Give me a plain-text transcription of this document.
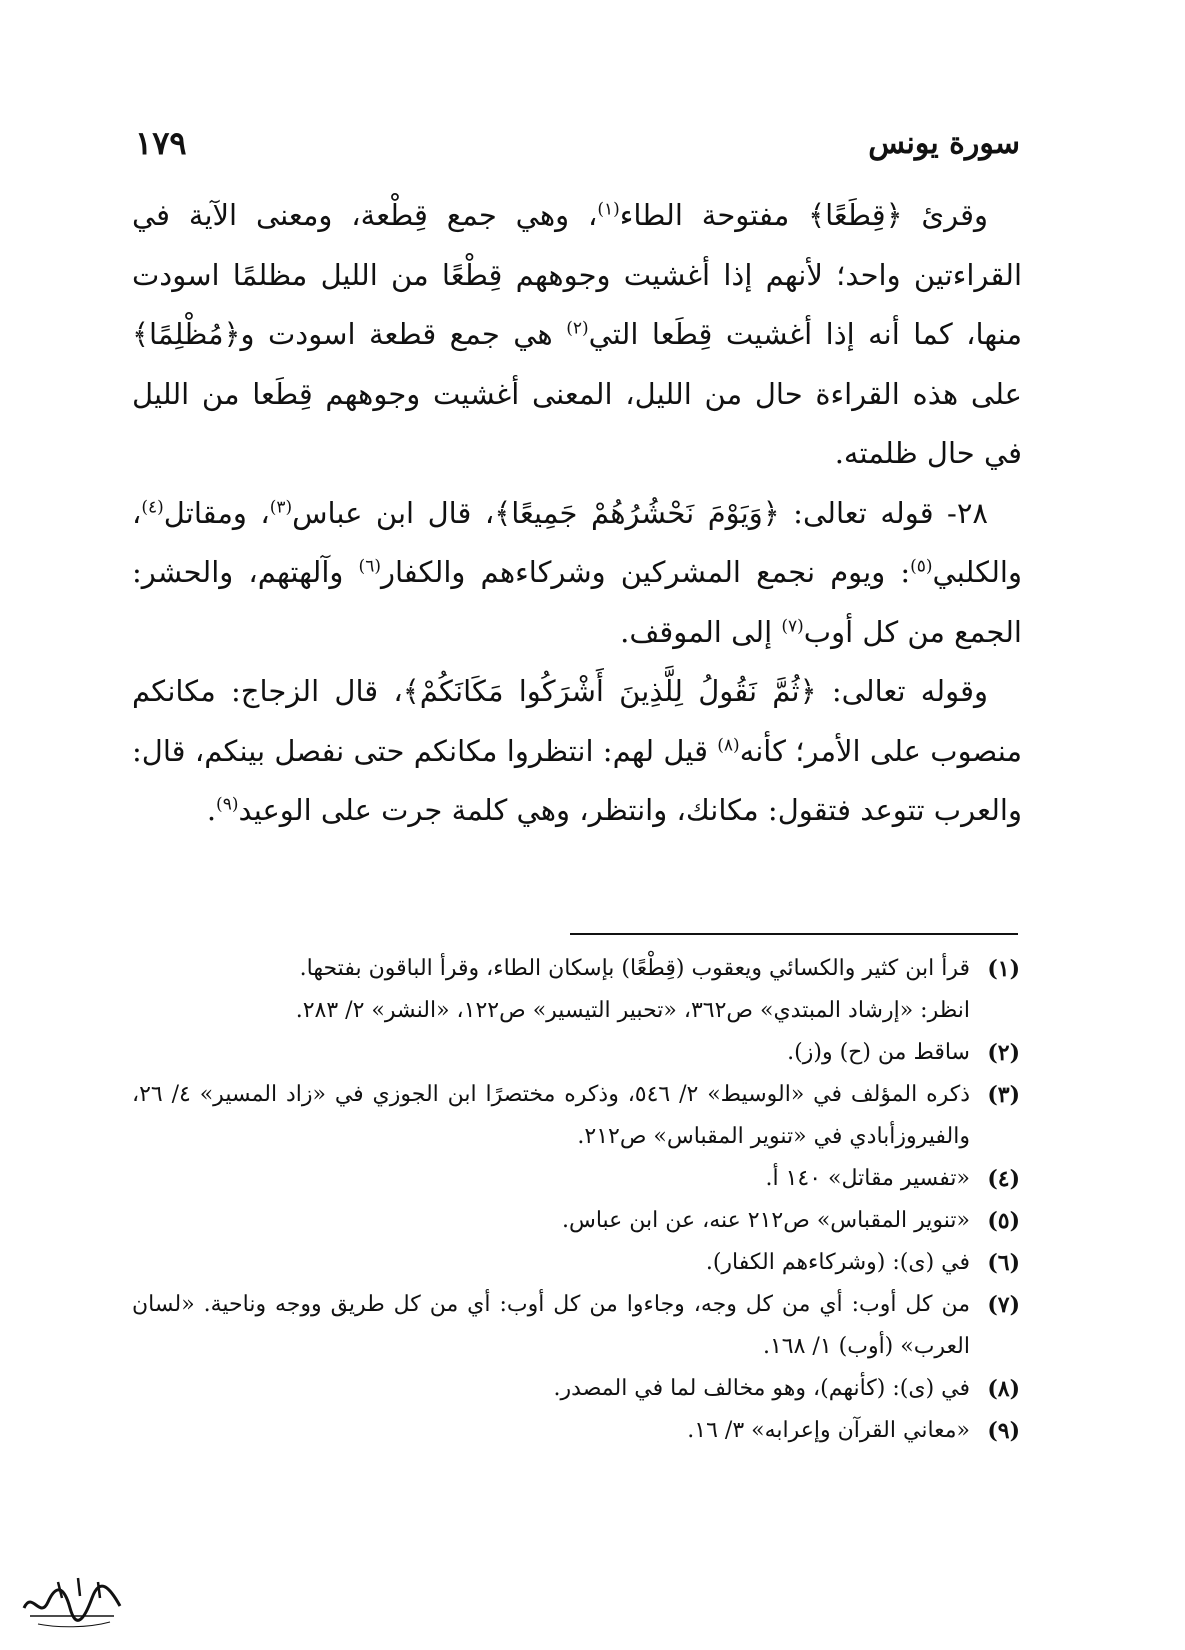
سورة يونس
١٧٩

وقرئ ﴿قِطَعًا﴾ مفتوحة الطاء$^{(١)}$، وهي جمع قِطْعة، ومعنى الآية في القراءتين واحد؛ لأنهم إذا أغشيت وجوههم قِطْعًا من الليل مظلمًا اسودت منها، كما أنه إذا أغشيت قِطَعا التي$^{(٢)}$ هي جمع قطعة اسودت و﴿مُظْلِمًا﴾ على هذه القراءة حال من الليل، المعنى أغشيت وجوههم قِطَعا من الليل في حال ظلمته.

٢٨- قوله تعالى: ﴿وَيَوْمَ نَحْشُرُهُمْ جَمِيعًا﴾، قال ابن عباس$^{(٣)}$، ومقاتل$^{(٤)}$، والكلبي$^{(٥)}$: ويوم نجمع المشركين وشركاءهم والكفار$^{(٦)}$ وآلهتهم، والحشر: الجمع من كل أوب$^{(٧)}$ إلى الموقف.

وقوله تعالى: ﴿ثُمَّ نَقُولُ لِلَّذِينَ أَشْرَكُوا مَكَانَكُمْ﴾، قال الزجاج: مكانكم منصوب على الأمر؛ كأنه$^{(٨)}$ قيل لهم: انتظروا مكانكم حتى نفصل بينكم، قال: والعرب تتوعد فتقول: مكانك، وانتظر، وهي كلمة جرت على الوعيد$^{(٩)}$.

(١)
قرأ ابن كثير والكسائي ويعقوب (قِطْعًا) بإسكان الطاء، وقرأ الباقون بفتحها.
انظر: «إرشاد المبتدي» ص٣٦٢، «تحبير التيسير» ص١٢٢، «النشر» ٢/ ٢٨٣.
(٢)
ساقط من (ح) و(ز).
(٣)
ذكره المؤلف في «الوسيط» ٢/ ٥٤٦، وذكره مختصرًا ابن الجوزي في «زاد المسير» ٤/ ٢٦، والفيروزأبادي في «تنوير المقباس» ص٢١٢.
(٤)
«تفسير مقاتل» ١٤٠ أ.
(٥)
«تنوير المقباس» ص٢١٢ عنه، عن ابن عباس.
(٦)
في (ى): (وشركاءهم الكفار).
(٧)
من كل أوب: أي من كل وجه، وجاءوا من كل أوب: أي من كل طريق ووجه وناحية. «لسان العرب» (أوب) ١/ ١٦٨.
(٨)
في (ى): (كأنهم)، وهو مخالف لما في المصدر.
(٩)
«معاني القرآن وإعرابه» ٣/ ١٦.
